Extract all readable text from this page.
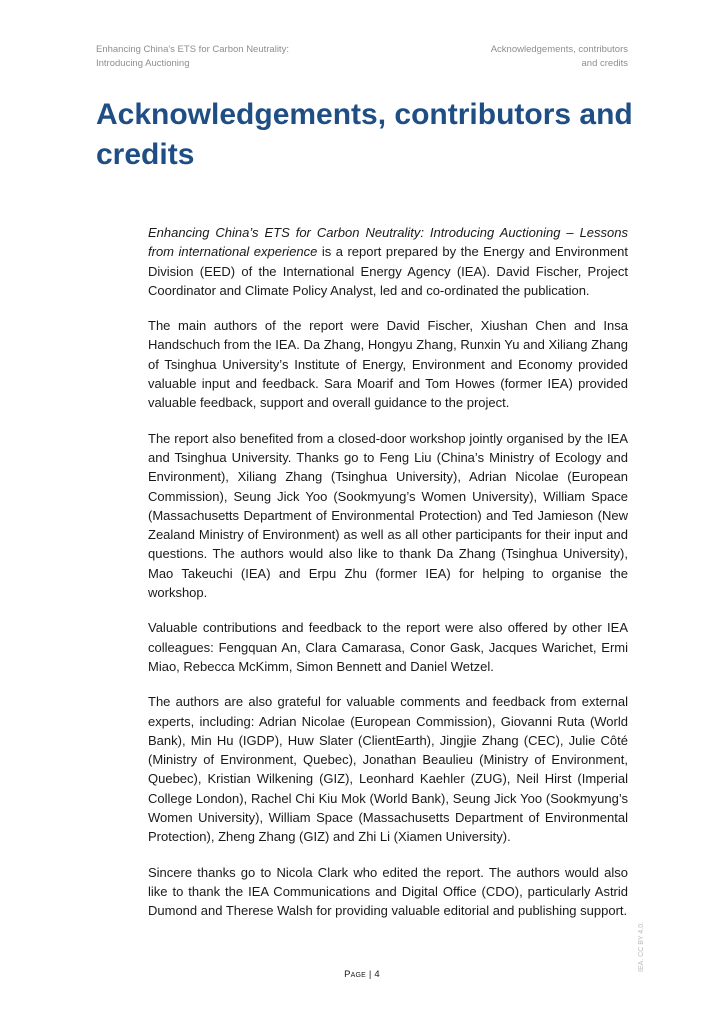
Enhancing China's ETS for Carbon Neutrality:
Introducing Auctioning
Acknowledgements, contributors
and credits
Acknowledgements, contributors and credits

Enhancing China’s ETS for Carbon Neutrality: Introducing Auctioning – Lessons from international experience is a report prepared by the Energy and Environment Division (EED) of the International Energy Agency (IEA). David Fischer, Project Coordinator and Climate Policy Analyst, led and co-ordinated the publication.

The main authors of the report were David Fischer, Xiushan Chen and Insa Handschuch from the IEA. Da Zhang, Hongyu Zhang, Runxin Yu and Xiliang Zhang of Tsinghua University’s Institute of Energy, Environment and Economy provided valuable input and feedback. Sara Moarif and Tom Howes (former IEA) provided valuable feedback, support and overall guidance to the project.

The report also benefited from a closed-door workshop jointly organised by the IEA and Tsinghua University. Thanks go to Feng Liu (China’s Ministry of Ecology and Environment), Xiliang Zhang (Tsinghua University), Adrian Nicolae (European Commission), Seung Jick Yoo (Sookmyung’s Women University), William Space (Massachusetts Department of Environmental Protection) and Ted Jamieson (New Zealand Ministry of Environment) as well as all other participants for their input and questions. The authors would also like to thank Da Zhang (Tsinghua University), Mao Takeuchi (IEA) and Erpu Zhu (former IEA) for helping to organise the workshop.

Valuable contributions and feedback to the report were also offered by other IEA colleagues: Fengquan An, Clara Camarasa, Conor Gask, Jacques Warichet, Ermi Miao, Rebecca McKimm, Simon Bennett and Daniel Wetzel.

The authors are also grateful for valuable comments and feedback from external experts, including: Adrian Nicolae (European Commission), Giovanni Ruta (World Bank), Min Hu (IGDP), Huw Slater (ClientEarth), Jingjie Zhang (CEC), Julie Côté (Ministry of Environment, Quebec), Jonathan Beaulieu (Ministry of Environment, Quebec), Kristian Wilkening (GIZ), Leonhard Kaehler (ZUG), Neil Hirst (Imperial College London), Rachel Chi Kiu Mok (World Bank), Seung Jick Yoo (Sookmyung’s Women University), William Space (Massachusetts Department of Environmental Protection), Zheng Zhang (GIZ) and Zhi Li (Xiamen University).

Sincere thanks go to Nicola Clark who edited the report. The authors would also like to thank the IEA Communications and Digital Office (CDO), particularly Astrid Dumond and Therese Walsh for providing valuable editorial and publishing support.

Page | 4
IEA. CC BY 4.0.
